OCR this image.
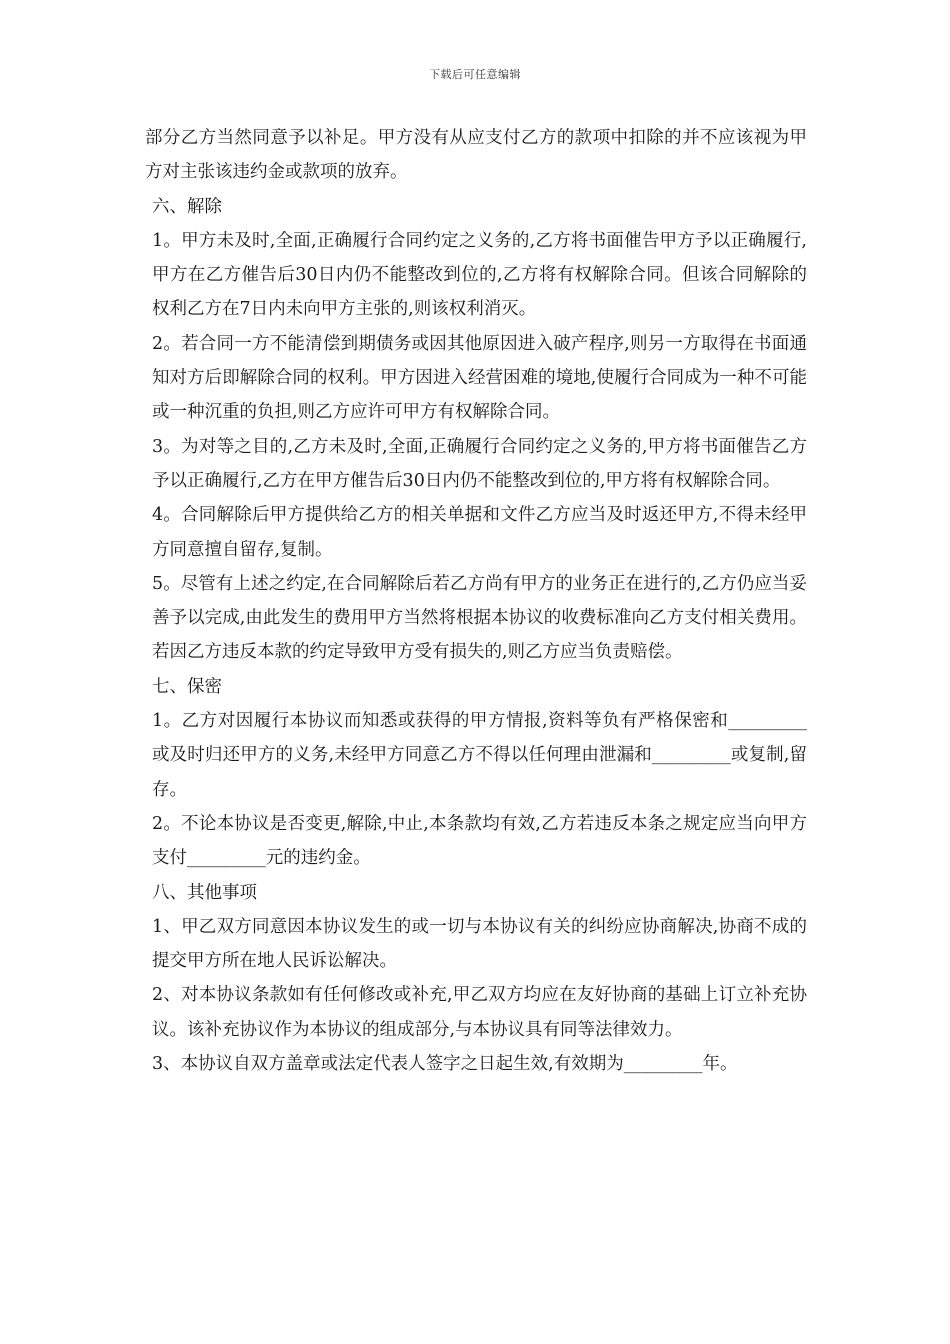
下载后可任意编辑

部分乙方当然同意予以补足。甲方没有从应支付乙方的款项中扣除的并不应该视为甲方对主张该违约金或款项的放弃。

六、解除

1。甲方未及时,全面,正确履行合同约定之义务的,乙方将书面催告甲方予以正确履行,甲方在乙方催告后30日内仍不能整改到位的,乙方将有权解除合同。但该合同解除的权利乙方在7日内未向甲方主张的,则该权利消灭。

2。若合同一方不能清偿到期债务或因其他原因进入破产程序,则另一方取得在书面通知对方后即解除合同的权利。甲方因进入经营困难的境地,使履行合同成为一种不可能或一种沉重的负担,则乙方应许可甲方有权解除合同。

3。为对等之目的,乙方未及时,全面,正确履行合同约定之义务的,甲方将书面催告乙方予以正确履行,乙方在甲方催告后30日内仍不能整改到位的,甲方将有权解除合同。

4。合同解除后甲方提供给乙方的相关单据和文件乙方应当及时返还甲方,不得未经甲方同意擅自留存,复制。

5。尽管有上述之约定,在合同解除后若乙方尚有甲方的业务正在进行的,乙方仍应当妥善予以完成,由此发生的费用甲方当然将根据本协议的收费标准向乙方支付相关费用。若因乙方违反本款的约定导致甲方受有损失的,则乙方应当负责赔偿。

七、保密

1。乙方对因履行本协议而知悉或获得的甲方情报,资料等负有严格保密和_________或及时归还甲方的义务,未经甲方同意乙方不得以任何理由泄漏和_________或复制,留存。

2。不论本协议是否变更,解除,中止,本条款均有效,乙方若违反本条之规定应当向甲方支付_________元的违约金。

八、其他事项

1、甲乙双方同意因本协议发生的或一切与本协议有关的纠纷应协商解决,协商不成的提交甲方所在地人民诉讼解决。

2、对本协议条款如有任何修改或补充,甲乙双方均应在友好协商的基础上订立补充协议。该补充协议作为本协议的组成部分,与本协议具有同等法律效力。

3、本协议自双方盖章或法定代表人签字之日起生效,有效期为_________年。
